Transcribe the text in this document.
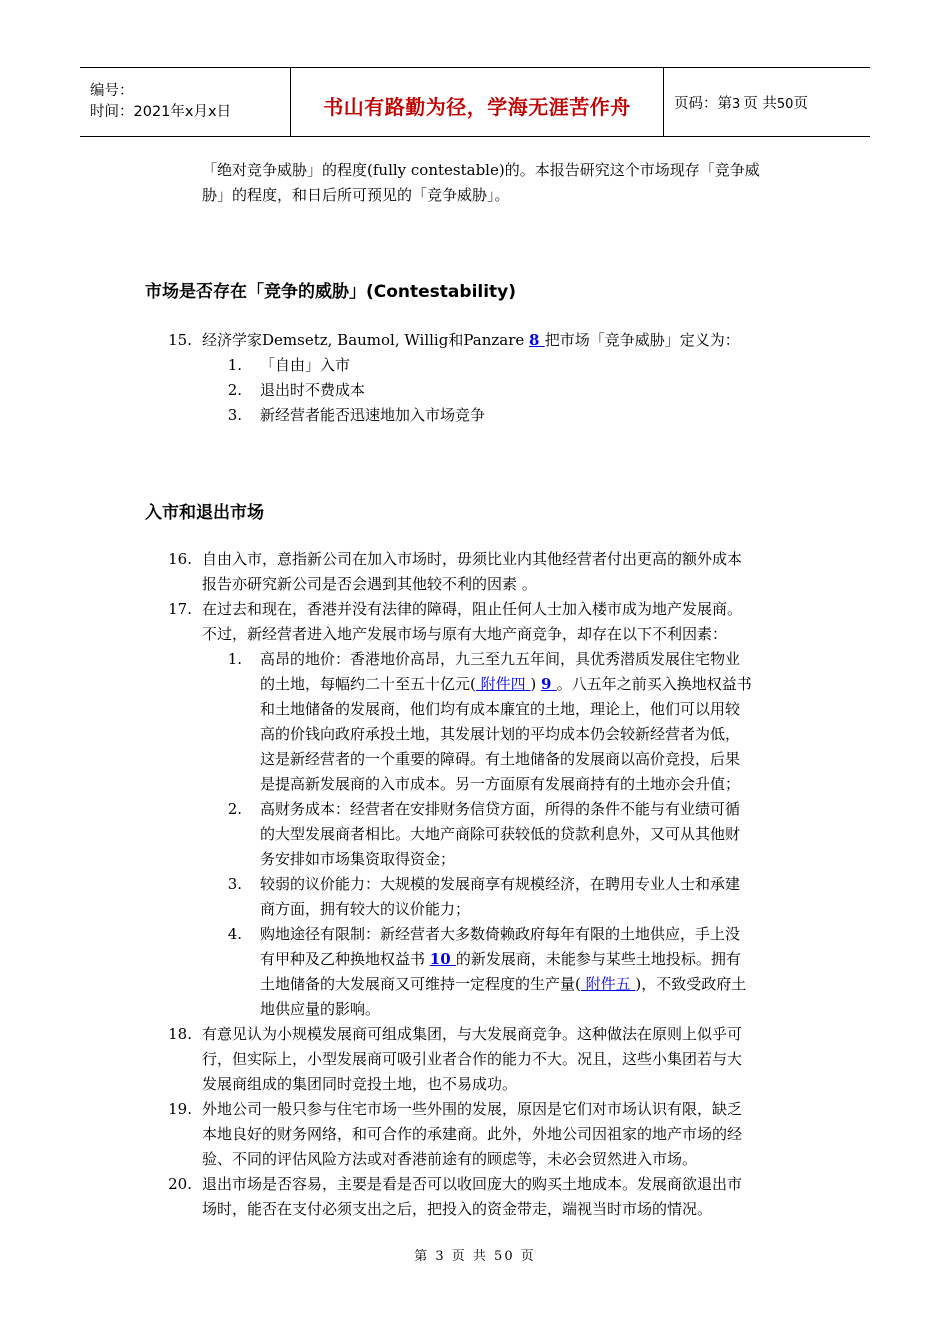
编号：
时间：2021年x月x日	书山有路勤为径，学海无涯苦作舟	页码：第3 页 共50页
「绝对竞争威胁」的程度(fully contestable)的。本报告研究这个市场现存「竞争威
胁」的程度，和日后所可预见的「竞争威胁」。
市场是否存在「竞争的威胁」(Contestability)
15. 经济学家Demsetz, Baumol, Willig和Panzare 8 把市场「竞争威胁」定义为：
1. 「自由」入市
2. 退出时不费成本
3. 新经营者能否迅速地加入市场竞争
入市和退出市场
16. 自由入市，意指新公司在加入市场时，毋须比业内其他经营者付出更高的额外成本
报告亦研究新公司是否会遇到其他较不利的因素 。
17. 在过去和现在，香港并没有法律的障碍，阻止任何人士加入楼市成为地产发展商。
不过，新经营者进入地产发展市场与原有大地产商竞争，却存在以下不利因素：
1. 高昂的地价：香港地价高昂，九三至九五年间，具优秀潜质发展住宅物业
的土地，每幅约二十至五十亿元( 附件四 ) 9 。八五年之前买入换地权益书
和土地储备的发展商，他们均有成本廉宜的土地，理论上，他们可以用较
高的价钱向政府承投土地，其发展计划的平均成本仍会较新经营者为低，
这是新经营者的一个重要的障碍。有土地储备的发展商以高价竞投，后果
是提高新发展商的入市成本。另一方面原有发展商持有的土地亦会升值；
2. 高财务成本：经营者在安排财务信贷方面，所得的条件不能与有业绩可循
的大型发展商者相比。大地产商除可获较低的贷款利息外，又可从其他财
务安排如市场集资取得资金；
3. 较弱的议价能力：大规模的发展商享有规模经济，在聘用专业人士和承建
商方面，拥有较大的议价能力；
4. 购地途径有限制：新经营者大多数倚赖政府每年有限的土地供应，手上没
有甲种及乙种换地权益书 10 的新发展商，未能参与某些土地投标。拥有
土地储备的大发展商又可维持一定程度的生产量( 附件五 )，不致受政府土
地供应量的影响。
18. 有意见认为小规模发展商可组成集团，与大发展商竞争。这种做法在原则上似乎可
行，但实际上，小型发展商可吸引业者合作的能力不大。况且，这些小集团若与大
发展商组成的集团同时竞投土地，也不易成功。
19. 外地公司一般只参与住宅市场一些外围的发展，原因是它们对市场认识有限，缺乏
本地良好的财务网络，和可合作的承建商。此外，外地公司因祖家的地产市场的经
验、不同的评估风险方法或对香港前途有的顾虑等，未必会贸然进入市场。
20. 退出市场是否容易，主要是看是否可以收回庞大的购买土地成本。发展商欲退出市
场时，能否在支付必须支出之后，把投入的资金带走，端视当时市场的情况。
第 3 页 共 50 页
